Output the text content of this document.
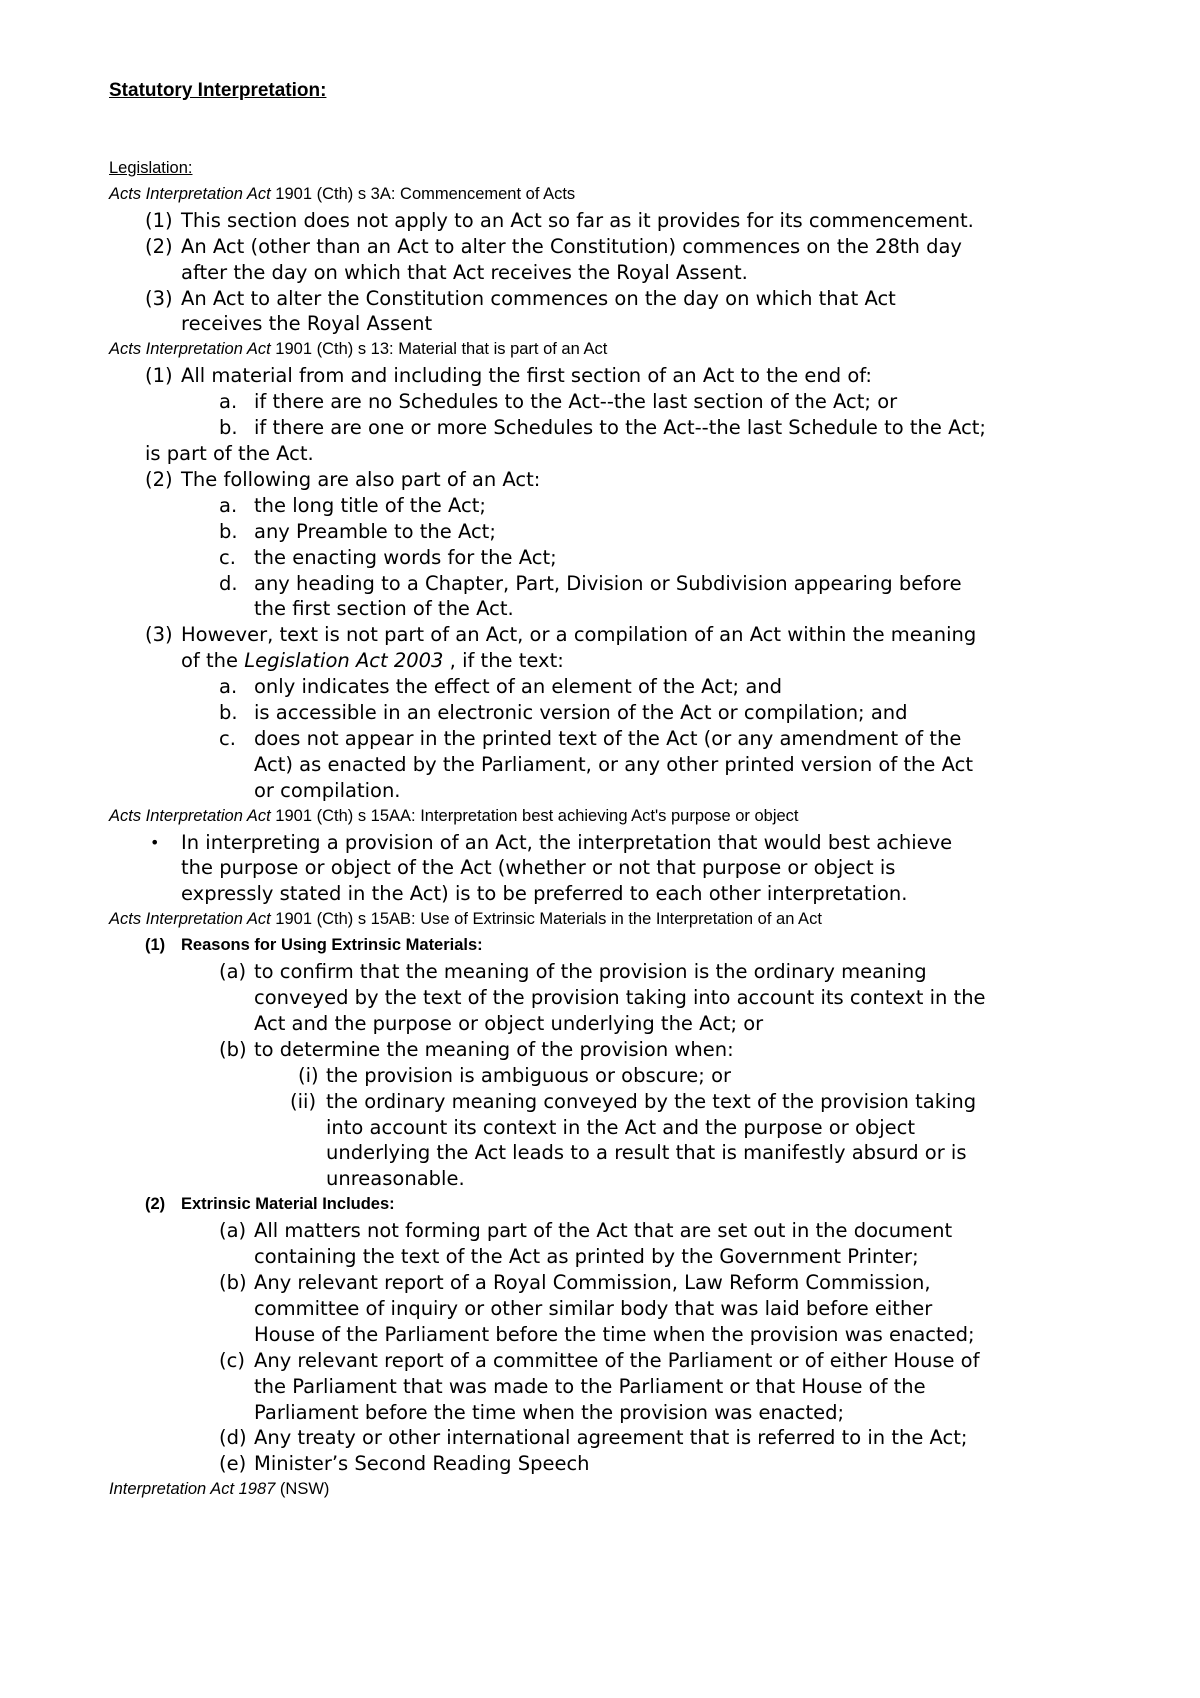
Statutory Interpretation:
Legislation:
Acts Interpretation Act 1901 (Cth) s 3A: Commencement of Acts
(1) This section does not apply to an Act so far as it provides for its commencement.
(2) An Act (other than an Act to alter the Constitution) commences on the 28th day
after the day on which that Act receives the Royal Assent.
(3) An Act to alter the Constitution commences on the day on which that Act
receives the Royal Assent
Acts Interpretation Act 1901 (Cth) s 13: Material that is part of an Act
(1) All material from and including the first section of an Act to the end of:
a. if there are no Schedules to the Act--the last section of the Act; or
b. if there are one or more Schedules to the Act--the last Schedule to the Act;
is part of the Act.
(2) The following are also part of an Act:
a. the long title of the Act;
b. any Preamble to the Act;
c. the enacting words for the Act;
d. any heading to a Chapter, Part, Division or Subdivision appearing before
the first section of the Act.
(3) However, text is not part of an Act, or a compilation of an Act within the meaning
of the Legislation Act 2003 , if the text:
a. only indicates the effect of an element of the Act; and
b. is accessible in an electronic version of the Act or compilation; and
c. does not appear in the printed text of the Act (or any amendment of the
Act) as enacted by the Parliament, or any other printed version of the Act
or compilation.
Acts Interpretation Act 1901 (Cth) s 15AA: Interpretation best achieving Act's purpose or object
• In interpreting a provision of an Act, the interpretation that would best achieve
the purpose or object of the Act (whether or not that purpose or object is
expressly stated in the Act) is to be preferred to each other interpretation.
Acts Interpretation Act 1901 (Cth) s 15AB: Use of Extrinsic Materials in the Interpretation of an Act
(1) Reasons for Using Extrinsic Materials:
(a) to confirm that the meaning of the provision is the ordinary meaning
conveyed by the text of the provision taking into account its context in the
Act and the purpose or object underlying the Act; or
(b) to determine the meaning of the provision when:
(i) the provision is ambiguous or obscure; or
(ii) the ordinary meaning conveyed by the text of the provision taking
into account its context in the Act and the purpose or object
underlying the Act leads to a result that is manifestly absurd or is
unreasonable.
(2) Extrinsic Material Includes:
(a) All matters not forming part of the Act that are set out in the document
containing the text of the Act as printed by the Government Printer;
(b) Any relevant report of a Royal Commission, Law Reform Commission,
committee of inquiry or other similar body that was laid before either
House of the Parliament before the time when the provision was enacted;
(c) Any relevant report of a committee of the Parliament or of either House of
the Parliament that was made to the Parliament or that House of the
Parliament before the time when the provision was enacted;
(d) Any treaty or other international agreement that is referred to in the Act;
(e) Minister’s Second Reading Speech
Interpretation Act 1987 (NSW)
